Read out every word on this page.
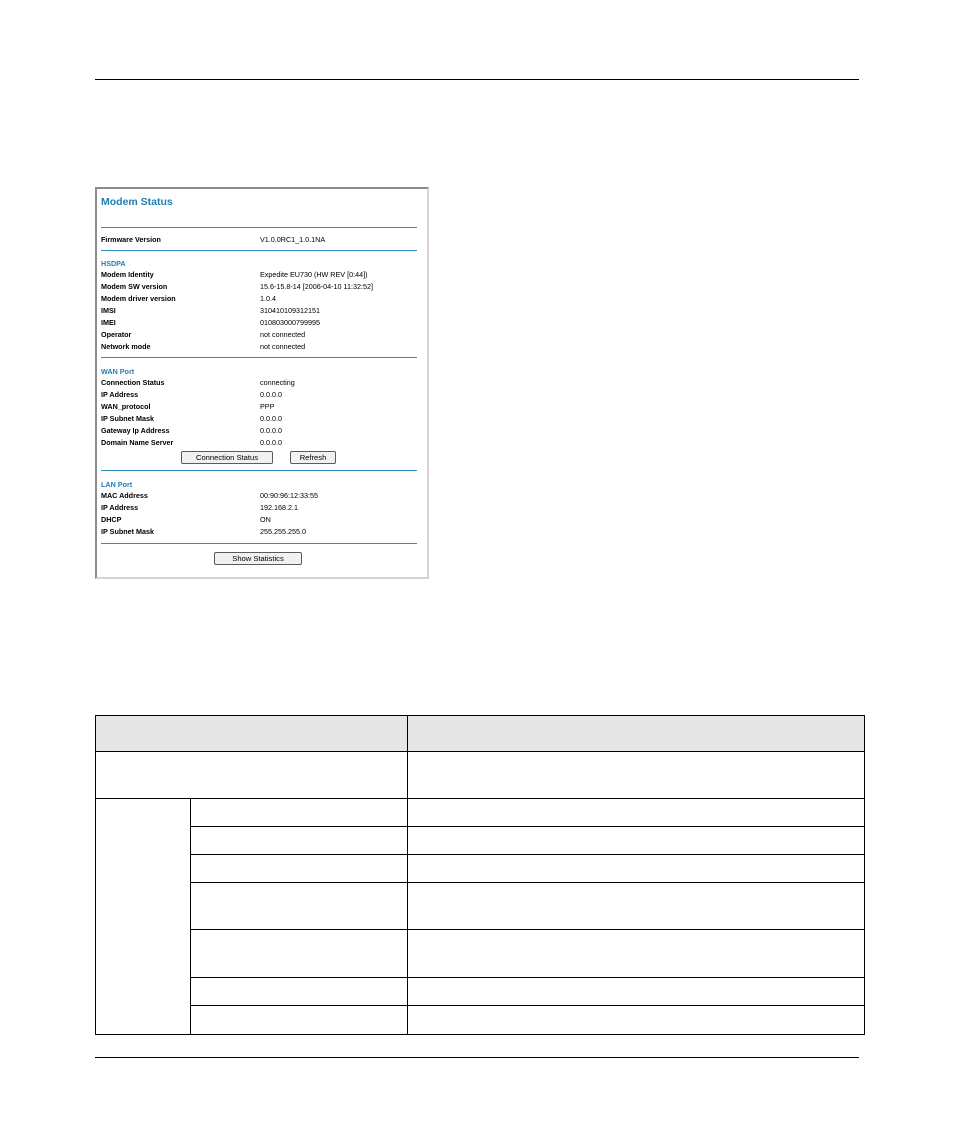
Modem Status
Firmware Version	V1.0.0RC1_1.0.1NA
HSDPA
Modem Identity	Expedite EU730 (HW REV [0:44])
Modem SW version	15.6-15.8-14 [2006-04-10 11:32:52]
Modem driver version	1.0.4
IMSI	310410109312151
IMEI	010803000799995
Operator	not connected
Network mode	not connected
WAN Port
Connection Status	connecting
IP Address	0.0.0.0
WAN_protocol	PPP
IP Subnet Mask	0.0.0.0
Gateway Ip Address	0.0.0.0
Domain Name Server	0.0.0.0
Connection Status	Refresh
LAN Port
MAC Address	00:90:96:12:33:55
IP Address	192.168.2.1
DHCP	ON
IP Subnet Mask	255.255.255.0
Show Statistics
